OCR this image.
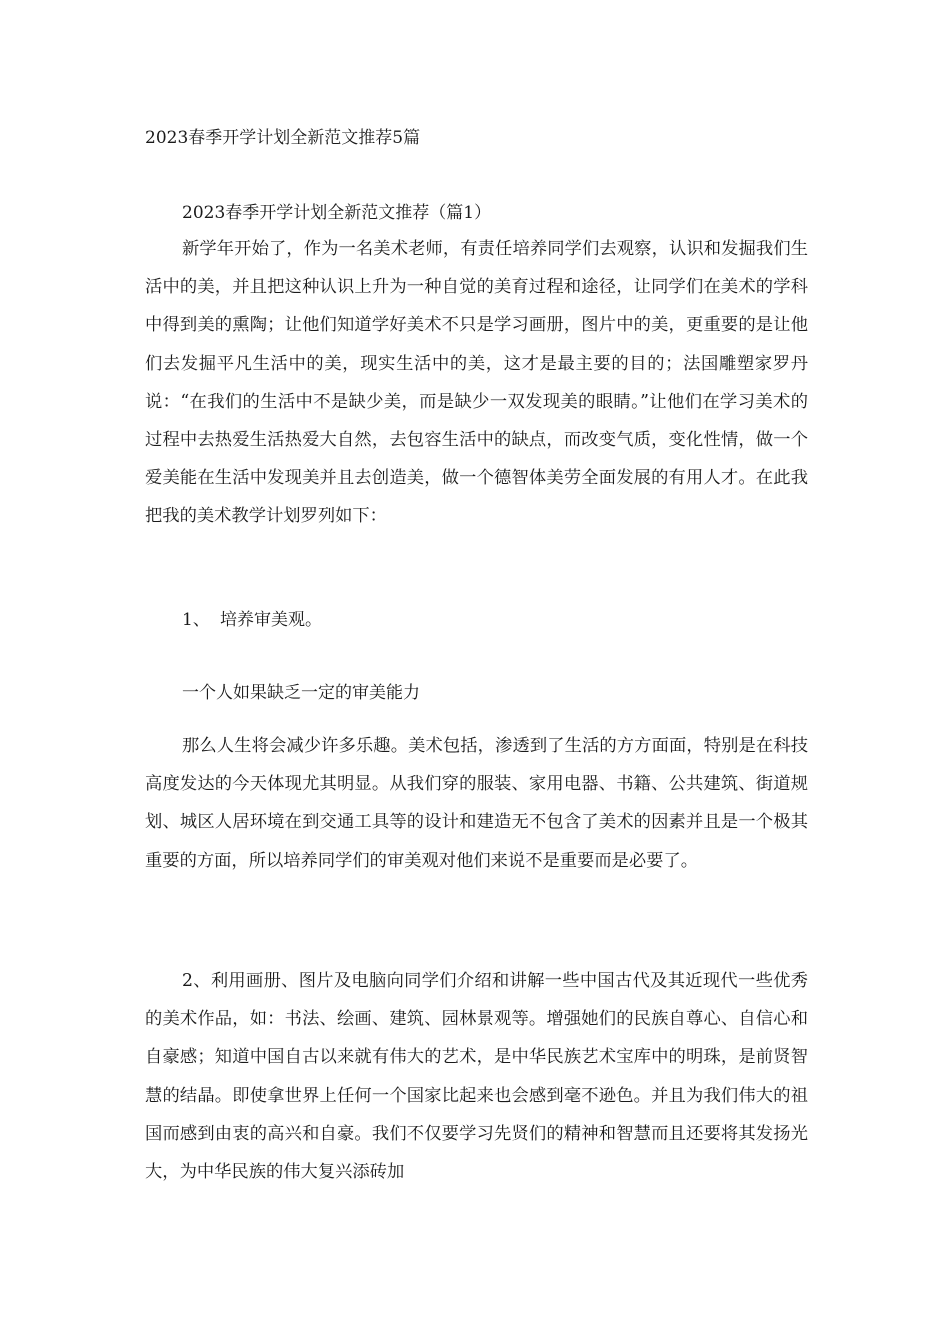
2023春季开学计划全新范文推荐5篇
2023春季开学计划全新范文推荐（篇1）

新学年开始了，作为一名美术老师，有责任培养同学们去观察，认识和发掘我们生活中的美，并且把这种认识上升为一种自觉的美育过程和途径，让同学们在美术的学科中得到美的熏陶；让他们知道学好美术不只是学习画册，图片中的美，更重要的是让他们去发掘平凡生活中的美，现实生活中的美，这才是最主要的目的；法国雕塑家罗丹说：“在我们的生活中不是缺少美，而是缺少一双发现美的眼睛。”让他们在学习美术的过程中去热爱生活热爱大自然，去包容生活中的缺点，而改变气质，变化性情，做一个爱美能在生活中发现美并且去创造美，做一个德智体美劳全面发展的有用人才。在此我把我的美术教学计划罗列如下：

1、 培养审美观。
一个人如果缺乏一定的审美能力

那么人生将会减少许多乐趣。美术包括，渗透到了生活的方方面面，特别是在科技高度发达的今天体现尤其明显。从我们穿的服装、家用电器、书籍、公共建筑、街道规划、城区人居环境在到交通工具等的设计和建造无不包含了美术的因素并且是一个极其重要的方面，所以培养同学们的审美观对他们来说不是重要而是必要了。

2、利用画册、图片及电脑向同学们介绍和讲解一些中国古代及其近现代一些优秀的美术作品，如：书法、绘画、建筑、园林景观等。增强她们的民族自尊心、自信心和自豪感；知道中国自古以来就有伟大的艺术，是中华民族艺术宝库中的明珠，是前贤智慧的结晶。即使拿世界上任何一个国家比起来也会感到毫不逊色。并且为我们伟大的祖国而感到由衷的高兴和自豪。我们不仅要学习先贤们的精神和智慧而且还要将其发扬光大，为中华民族的伟大复兴添砖加
